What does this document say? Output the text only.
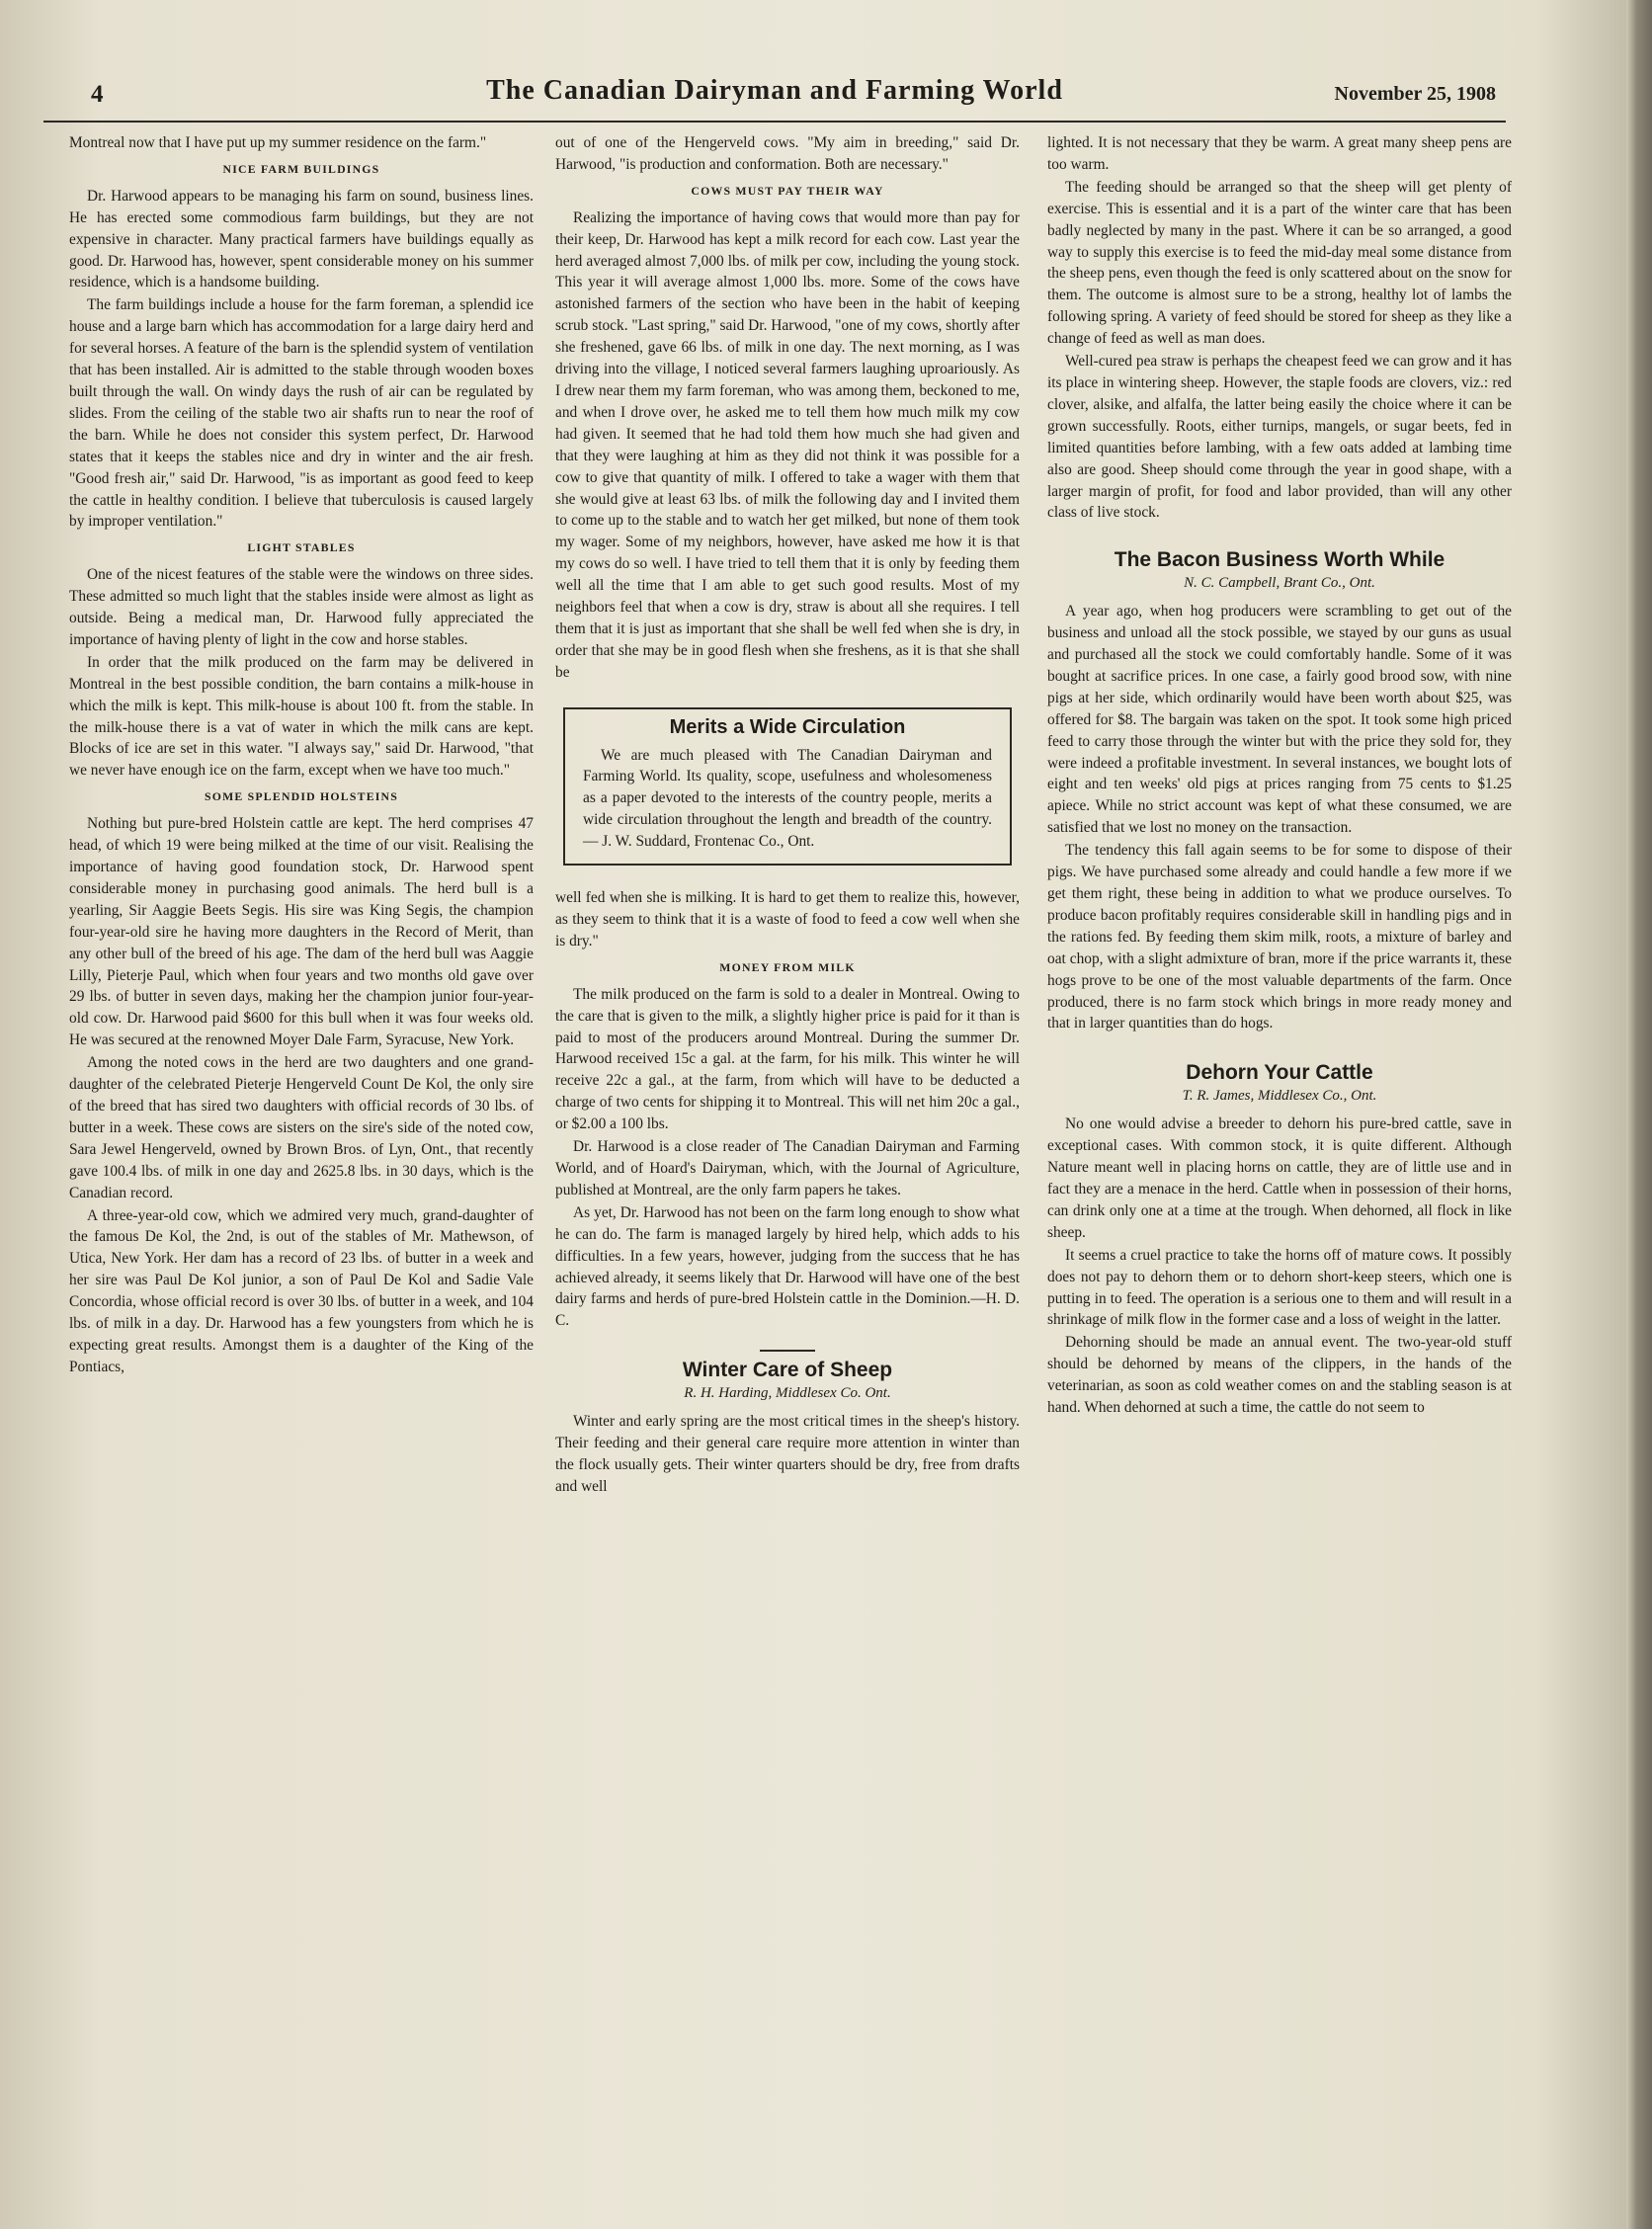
4	The Canadian Dairyman and Farming World	November 25, 1908

Montreal now that I have put up my summer residence on the farm."

NICE FARM BUILDINGS

Dr. Harwood appears to be managing his farm on sound, business lines. He has erected some commodious farm buildings, but they are not expensive in character. Many practical farmers have buildings equally as good. Dr. Harwood has, however, spent considerable money on his summer residence, which is a handsome building.

The farm buildings include a house for the farm foreman, a splendid ice house and a large barn which has accommodation for a large dairy herd and for several horses. A feature of the barn is the splendid system of ventilation that has been installed. Air is admitted to the stable through wooden boxes built through the wall. On windy days the rush of air can be regulated by slides. From the ceiling of the stable two air shafts run to near the roof of the barn. While he does not consider this system perfect, Dr. Harwood states that it keeps the stables nice and dry in winter and the air fresh. "Good fresh air," said Dr. Harwood, "is as important as good feed to keep the cattle in healthy condition. I believe that tuberculosis is caused largely by improper ventilation."

LIGHT STABLES

One of the nicest features of the stable were the windows on three sides. These admitted so much light that the stables inside were almost as light as outside. Being a medical man, Dr. Harwood fully appreciated the importance of having plenty of light in the cow and horse stables.

In order that the milk produced on the farm may be delivered in Montreal in the best possible condition, the barn contains a milk-house in which the milk is kept. This milk-house is about 100 ft. from the stable. In the milk-house there is a vat of water in which the milk cans are kept. Blocks of ice are set in this water. "I always say," said Dr. Harwood, "that we never have enough ice on the farm, except when we have too much."

SOME SPLENDID HOLSTEINS

Nothing but pure-bred Holstein cattle are kept. The herd comprises 47 head, of which 19 were being milked at the time of our visit. Realising the importance of having good foundation stock, Dr. Harwood spent considerable money in purchasing good animals. The herd bull is a yearling, Sir Aaggie Beets Segis. His sire was King Segis, the champion four-year-old sire he having more daughters in the Record of Merit, than any other bull of the breed of his age. The dam of the herd bull was Aaggie Lilly, Pieterje Paul, which when four years and two months old gave over 29 lbs. of butter in seven days, making her the champion junior four-year-old cow. Dr. Harwood paid $600 for this bull when it was four weeks old. He was secured at the renowned Moyer Dale Farm, Syracuse, New York.

Among the noted cows in the herd are two daughters and one grand-daughter of the celebrated Pieterje Hengerveld Count De Kol, the only sire of the breed that has sired two daughters with official records of 30 lbs. of butter in a week. These cows are sisters on the sire's side of the noted cow, Sara Jewel Hengerveld, owned by Brown Bros. of Lyn, Ont., that recently gave 100.4 lbs. of milk in one day and 2625.8 lbs. in 30 days, which is the Canadian record.

A three-year-old cow, which we admired very much, grand-daughter of the famous De Kol, the 2nd, is out of the stables of Mr. Mathewson, of Utica, New York. Her dam has a record of 23 lbs. of butter in a week and her sire was Paul De Kol junior, a son of Paul De Kol and Sadie Vale Concordia, whose official record is over 30 lbs. of butter in a week, and 104 lbs. of milk in a day. Dr. Harwood has a few youngsters from which he is expecting great results. Amongst them is a daughter of the King of the Pontiacs,

out of one of the Hengerveld cows. "My aim in breeding," said Dr. Harwood, "is production and conformation. Both are necessary."

COWS MUST PAY THEIR WAY

Realizing the importance of having cows that would more than pay for their keep, Dr. Harwood has kept a milk record for each cow. Last year the herd averaged almost 7,000 lbs. of milk per cow, including the young stock. This year it will average almost 1,000 lbs. more. Some of the cows have astonished farmers of the section who have been in the habit of keeping scrub stock. "Last spring," said Dr. Harwood, "one of my cows, shortly after she freshened, gave 66 lbs. of milk in one day. The next morning, as I was driving into the village, I noticed several farmers laughing uproariously. As I drew near them my farm foreman, who was among them, beckoned to me, and when I drove over, he asked me to tell them how much milk my cow had given. It seemed that he had told them how much she had given and that they were laughing at him as they did not think it was possible for a cow to give that quantity of milk. I offered to take a wager with them that she would give at least 63 lbs. of milk the following day and I invited them to come up to the stable and to watch her get milked, but none of them took my wager. Some of my neighbors, however, have asked me how it is that my cows do so well. I have tried to tell them that it is only by feeding them well all the time that I am able to get such good results. Most of my neighbors feel that when a cow is dry, straw is about all she requires. I tell them that it is just as important that she shall be well fed when she is dry, in order that she may be in good flesh when she freshens, as it is that she shall be

Merits a Wide Circulation

We are much pleased with The Canadian Dairyman and Farming World. Its quality, scope, usefulness and wholesomeness as a paper devoted to the interests of the country people, merits a wide circulation throughout the length and breadth of the country.— J. W. Suddard, Frontenac Co., Ont.

well fed when she is milking. It is hard to get them to realize this, however, as they seem to think that it is a waste of food to feed a cow well when she is dry."

MONEY FROM MILK

The milk produced on the farm is sold to a dealer in Montreal. Owing to the care that is given to the milk, a slightly higher price is paid for it than is paid to most of the producers around Montreal. During the summer Dr. Harwood received 15c a gal. at the farm, for his milk. This winter he will receive 22c a gal., at the farm, from which will have to be deducted a charge of two cents for shipping it to Montreal. This will net him 20c a gal., or $2.00 a 100 lbs.

Dr. Harwood is a close reader of The Canadian Dairyman and Farming World, and of Hoard's Dairyman, which, with the Journal of Agriculture, published at Montreal, are the only farm papers he takes.

As yet, Dr. Harwood has not been on the farm long enough to show what he can do. The farm is managed largely by hired help, which adds to his difficulties. In a few years, however, judging from the success that he has achieved already, it seems likely that Dr. Harwood will have one of the best dairy farms and herds of pure-bred Holstein cattle in the Dominion.—H. D. C.

Winter Care of Sheep
R. H. Harding, Middlesex Co. Ont.

Winter and early spring are the most critical times in the sheep's history. Their feeding and their general care require more attention in winter than the flock usually gets. Their winter quarters should be dry, free from drafts and well

lighted. It is not necessary that they be warm. A great many sheep pens are too warm.

The feeding should be arranged so that the sheep will get plenty of exercise. This is essential and it is a part of the winter care that has been badly neglected by many in the past. Where it can be so arranged, a good way to supply this exercise is to feed the mid-day meal some distance from the sheep pens, even though the feed is only scattered about on the snow for them. The outcome is almost sure to be a strong, healthy lot of lambs the following spring. A variety of feed should be stored for sheep as they like a change of feed as well as man does.

Well-cured pea straw is perhaps the cheapest feed we can grow and it has its place in wintering sheep. However, the staple foods are clovers, viz.: red clover, alsike, and alfalfa, the latter being easily the choice where it can be grown successfully. Roots, either turnips, mangels, or sugar beets, fed in limited quantities before lambing, with a few oats added at lambing time also are good. Sheep should come through the year in good shape, with a larger margin of profit, for food and labor provided, than will any other class of live stock.

The Bacon Business Worth While
N. C. Campbell, Brant Co., Ont.

A year ago, when hog producers were scrambling to get out of the business and unload all the stock possible, we stayed by our guns as usual and purchased all the stock we could comfortably handle. Some of it was bought at sacrifice prices. In one case, a fairly good brood sow, with nine pigs at her side, which ordinarily would have been worth about $25, was offered for $8. The bargain was taken on the spot. It took some high priced feed to carry those through the winter but with the price they sold for, they were indeed a profitable investment. In several instances, we bought lots of eight and ten weeks' old pigs at prices ranging from 75 cents to $1.25 apiece. While no strict account was kept of what these consumed, we are satisfied that we lost no money on the transaction.

The tendency this fall again seems to be for some to dispose of their pigs. We have purchased some already and could handle a few more if we get them right, these being in addition to what we produce ourselves. To produce bacon profitably requires considerable skill in handling pigs and in the rations fed. By feeding them skim milk, roots, a mixture of barley and oat chop, with a slight admixture of bran, more if the price warrants it, these hogs prove to be one of the most valuable departments of the farm. Once produced, there is no farm stock which brings in more ready money and that in larger quantities than do hogs.

Dehorn Your Cattle
T. R. James, Middlesex Co., Ont.

No one would advise a breeder to dehorn his pure-bred cattle, save in exceptional cases. With common stock, it is quite different. Although Nature meant well in placing horns on cattle, they are of little use and in fact they are a menace in the herd. Cattle when in possession of their horns, can drink only one at a time at the trough. When dehorned, all flock in like sheep.

It seems a cruel practice to take the horns off of mature cows. It possibly does not pay to dehorn them or to dehorn short-keep steers, which one is putting in to feed. The operation is a serious one to them and will result in a shrinkage of milk flow in the former case and a loss of weight in the latter.

Dehorning should be made an annual event. The two-year-old stuff should be dehorned by means of the clippers, in the hands of the veterinarian, as soon as cold weather comes on and the stabling season is at hand. When dehorned at such a time, the cattle do not seem to
